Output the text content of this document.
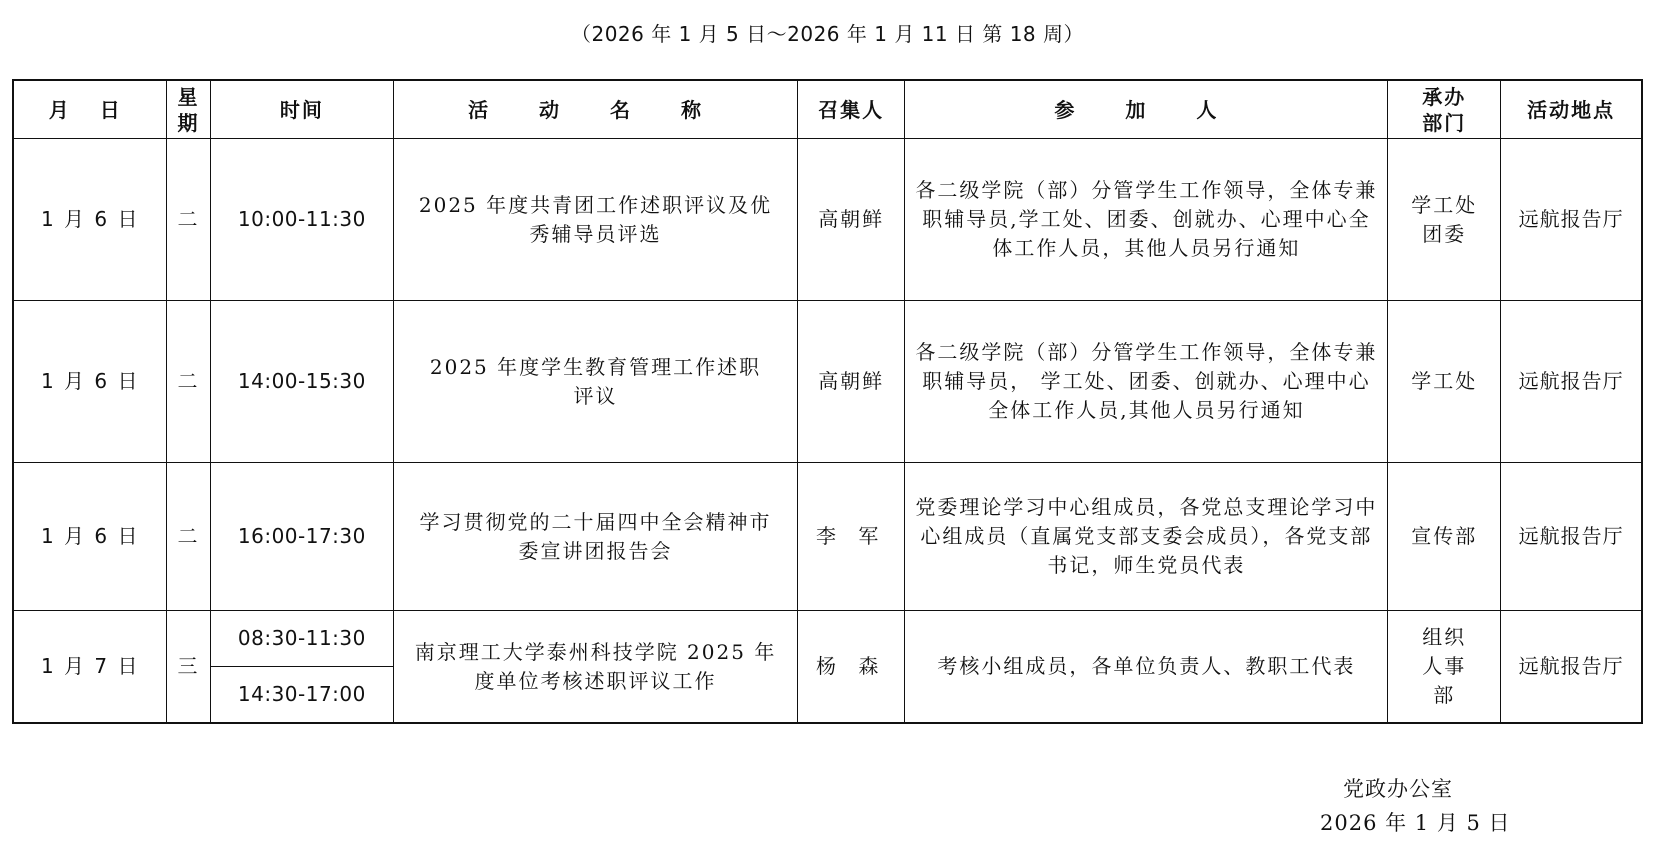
（2026 年 1 月 5 日～2026 年 1 月 11 日 第 18 周）
月 日	星期	时间	活 动 名 称	召集人	参 加 人	承办部门	活动地点
1 月 6 日	二	10:00-11:30	2025 年度共青团工作述职评议及优秀辅导员评选	高朝鲜	各二级学院（部）分管学生工作领导，全体专兼职辅导员,学工处、团委、创就办、心理中心全体工作人员，其他人员另行通知	学工处 团委	远航报告厅
1 月 6 日	二	14:00-15:30	2025 年度学生教育管理工作述职评议	高朝鲜	各二级学院（部）分管学生工作领导，全体专兼职辅导员， 学工处、团委、创就办、心理中心全体工作人员,其他人员另行通知	学工处	远航报告厅
1 月 6 日	二	16:00-17:30	学习贯彻党的二十届四中全会精神市委宣讲团报告会	李 军	党委理论学习中心组成员，各党总支理论学习中心组成员（直属党支部支委会成员），各党支部书记，师生党员代表	宣传部	远航报告厅
1 月 7 日	三	08:30-11:30	南京理工大学泰州科技学院 2025 年度单位考核述职评议工作	杨 森	考核小组成员，各单位负责人、教职工代表	组织 人事部	远航报告厅
		14:30-17:00					
党政办公室
2026 年 1 月 5 日
